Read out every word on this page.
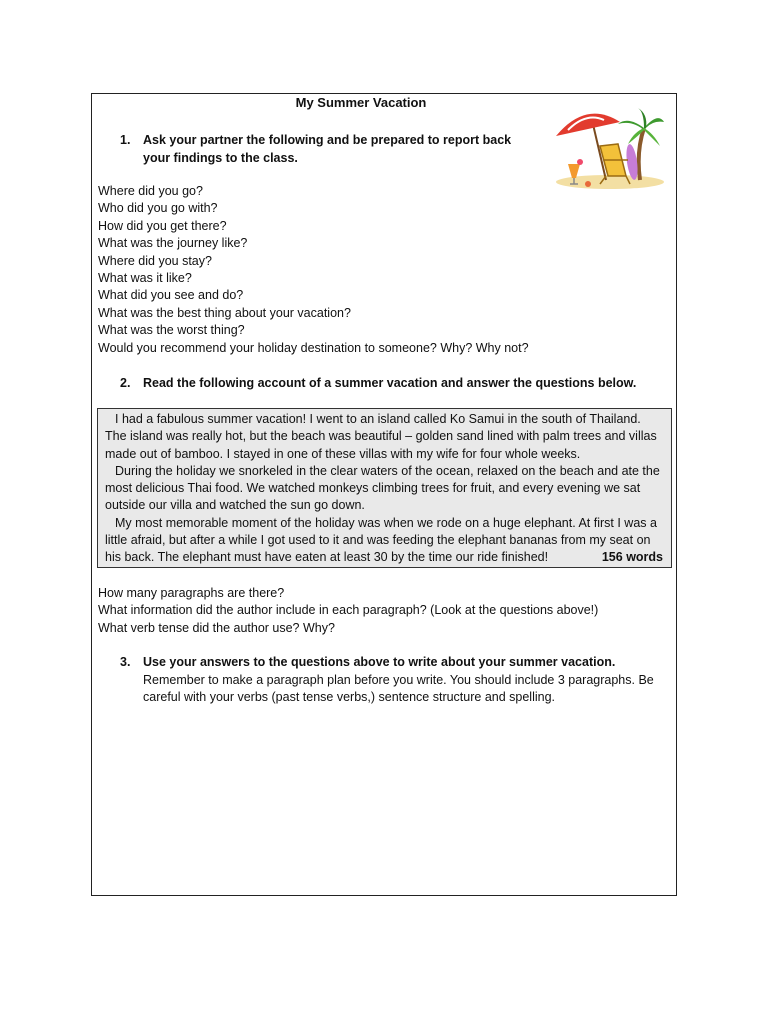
My Summer Vacation
1. Ask your partner the following and be prepared to report back your findings to the class.
Where did you go?
Who did you go with?
How did you get there?
What was the journey like?
Where did you stay?
What was it like?
What did you see and do?
What was the best thing about your vacation?
What was the worst thing?
Would you recommend your holiday destination to someone? Why? Why not?
2. Read the following account of a summer vacation and answer the questions below.

I had a fabulous summer vacation! I went to an island called Ko Samui in the south of Thailand. The island was really hot, but the beach was beautiful – golden sand lined with palm trees and villas made out of bamboo. I stayed in one of these villas with my wife for four whole weeks.

During the holiday we snorkeled in the clear waters of the ocean, relaxed on the beach and ate the most delicious Thai food. We watched monkeys climbing trees for fruit, and every evening we sat outside our villa and watched the sun go down.

My most memorable moment of the holiday was when we rode on a huge elephant. At first I was a little afraid, but after a while I got used to it and was feeding the elephant bananas from my seat on his back. The elephant must have eaten at least 30 by the time our ride finished!	156 words

How many paragraphs are there?
What information did the author include in each paragraph? (Look at the questions above!)
What verb tense did the author use? Why?
3. Use your answers to the questions above to write about your summer vacation. Remember to make a paragraph plan before you write. You should include 3 paragraphs. Be careful with your verbs (past tense verbs,) sentence structure and spelling.
